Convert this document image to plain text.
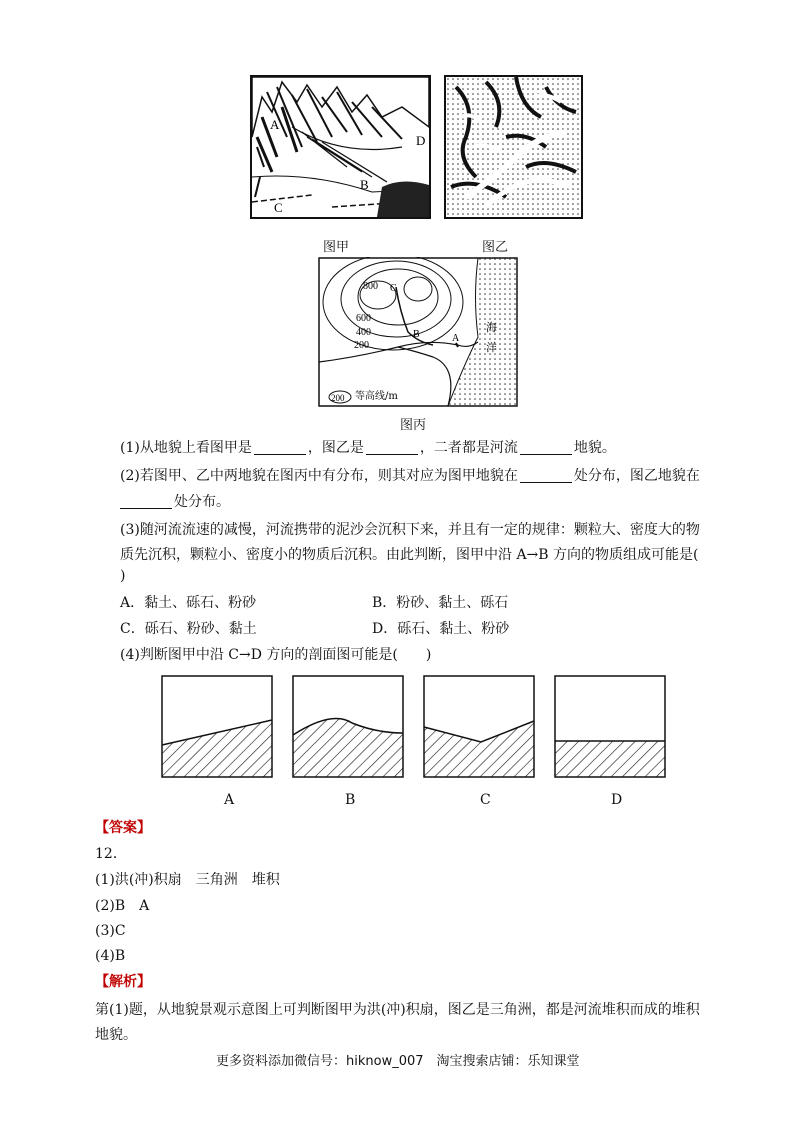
A
B
C
D
图甲	图乙
800
600
400
200
C
B	A
海
洋
200 等高线/m
图丙
(1)从地貌上看图甲是	，图乙是	，二者都是河流	地貌。
(2)若图甲、乙中两地貌在图丙中有分布，则其对应为图甲地貌在	处分布，图乙地貌在
处分布。
(3)随河流流速的减慢，河流携带的泥沙会沉积下来，并且有一定的规律：颗粒大、密度大的物
质先沉积，颗粒小、密度小的物质后沉积。由此判断，图甲中沿 A→B 方向的物质组成可能是(
)
A．黏土、砾石、粉砂	B．粉砂、黏土、砾石
C．砾石、粉砂、黏土	D．砾石、黏土、粉砂
(4)判断图甲中沿 C→D 方向的剖面图可能是(　　)
A	B	C	D
【答案】
12．
(1)洪(冲)积扇　三角洲　堆积
(2)B　A
(3)C
(4)B
【解析】
第(1)题，从地貌景观示意图上可判断图甲为洪(冲)积扇，图乙是三角洲，都是河流堆积而成的堆积
地貌。
更多资料添加微信号：hiknow_007　淘宝搜索店铺：乐知课堂
